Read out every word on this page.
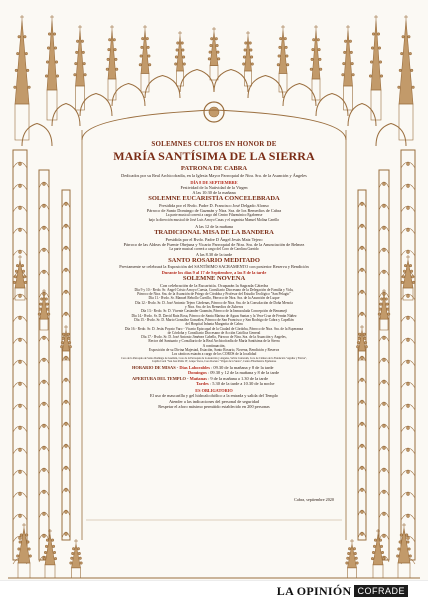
SOLEMNES CULTOS EN HONOR DE
MARÍA SANTÍSIMA DE LA SIERRA
PATRONA DE CABRA
Dedicados por su Real Archicofradía, en la Iglesia Mayor Parroquial de Ntra. Sra. de la Asunción y Ángeles
DÍA 8 DE SEPTIEMBRE
Festividad de la Natividad de la Virgen
A las 10:30 de la mañana
SOLEMNE EUCARISTÍA CONCELEBRADA
Presidida por el Rvdo. Padre D. Francisco José Delgado Alonso
Párroco de Santo Domingo de Guzmán y Ntra. Sra. de los Remedios de Cabra
La parte musical correrá a cargo del Centro Filarmónico Egabrense
bajo la dirección musical de José Luis Arroyo Casas y el organista Manuel Molina Carrillo
A las 12 de la mañana
TRADICIONAL MISA DE LA BANDERA
Presidida por el Rvdo. Padre D Ángel Jesús Maiz Tejero
Párroco de las Aldeas de Fuente Obejuna y Vicario Parroquial de Ntra. Sra. de la Anunciación de Belmez
La parte musical correrá a cargo del Coro de Carolina Garrido
A las 8.30 de la tarde
SANTO ROSARIO MEDITADO
Previamente se celebrará la Exposición del SANTÍSIMO SACRAMENTO con posterior Reserva y Bendición
Durante los días 9 al 17 de Septiembre, a las 8 de la tarde
SOLEMNE NOVENA
Con celebración de la Eucaristía. Ocuparán la Sagrada Cátedra
Día 9 y 10.- Rvdo. Sr. Ángel Cristo Arroyo Cuesta, Consiliario Diocesano de la Delegación de Familia y Vida,
Párroco de Ntra. Sra. de la Asunción de Priego de Córdoba y Profesor del Estudio Teológico "San Pelagio"
Día 11.- Rvdo. Sr. Manuel Rebollo Carrillo, Párroco de Ntra. Sra. de la Asunción de Luque
Día 12.- Rvdo. Sr. D. José Antonio Tejero Cárdenas, Párroco de Ntra. Sra. de la Consolación de Doña Mencía
y Ntra. Sra. de los Remedios de Zuheros
Día 13.- Rvdo. Sr. D. Vicente Castander Guzmán, Párroco de la Inmaculada Concepción de Benamejí
Día 14.- Rvdo. Sr. D. David Ruiz Rosa, Párroco de Santa Marina de Aguas Santas y la Vera-Cruz de Fernán Núñez
Día 15.- Rvdo. Sr. D. Mario González González, Párroco de San Francisco y San Rodrigo de Cabra y Capellán
del Hospital Infanta Margarita de Cabra
Día 16.- Rvdo. Sr. D. Jesús Poyato Varo - Vicario Episcopal de la Ciudad de Córdoba, Párroco de Ntra. Sra. de la Esperanza
de Córdoba y Consiliario Diocesano de Acción Católica General
Día 17.- Rvdo. Sr. D. José Antonio Jiménez Cabello, Párroco de Ntra. Sra. de la Asunción y Ángeles,
Rector del Santuario y Consiliario de la Real Archicofradía de María Santísima de la Sierra
A continuación,
Exposición de su Divina Majestad, Estación, Santo Rosario, Novena, Bendición y Reserva
Los cánticos estarán a cargo de los COROS de la localidad
Coro de la Parroquia de Santo Domingo de Guzmán, Coro de la Parroquia de la Asunción y Ángeles, Salvia Cantorum, Coro de Cámara de la Fundación "Aguilar y Eslava",
Capilla Coral "San José Pablo II", Grupo Voces, Coro Rociero "Virgen de la Sierra", Centro Filarmónico Egabrense
HORARIO DE MISAS - Días Laborables : 09.30 de la mañana y 8 de la tarde
Domingos : 09.30 y 12 de la mañana y 8 de la tarde
APERTURA DEL TEMPLO - Mañanas : 9 de la mañana a 1.30 de la tarde
Tardes : 5.30 de la tarde a 10.30 de la noche
ES OBLIGATORIO
El uso de mascarilla y gel hidroalcohólico a la entrada y salida del Templo
Atender a las indicaciones del personal de seguridad
Respetar el aforo máximo permitido establecido en 200 personas
Cabra, septiembre 2020
LA OPINIÓN COFRADE
